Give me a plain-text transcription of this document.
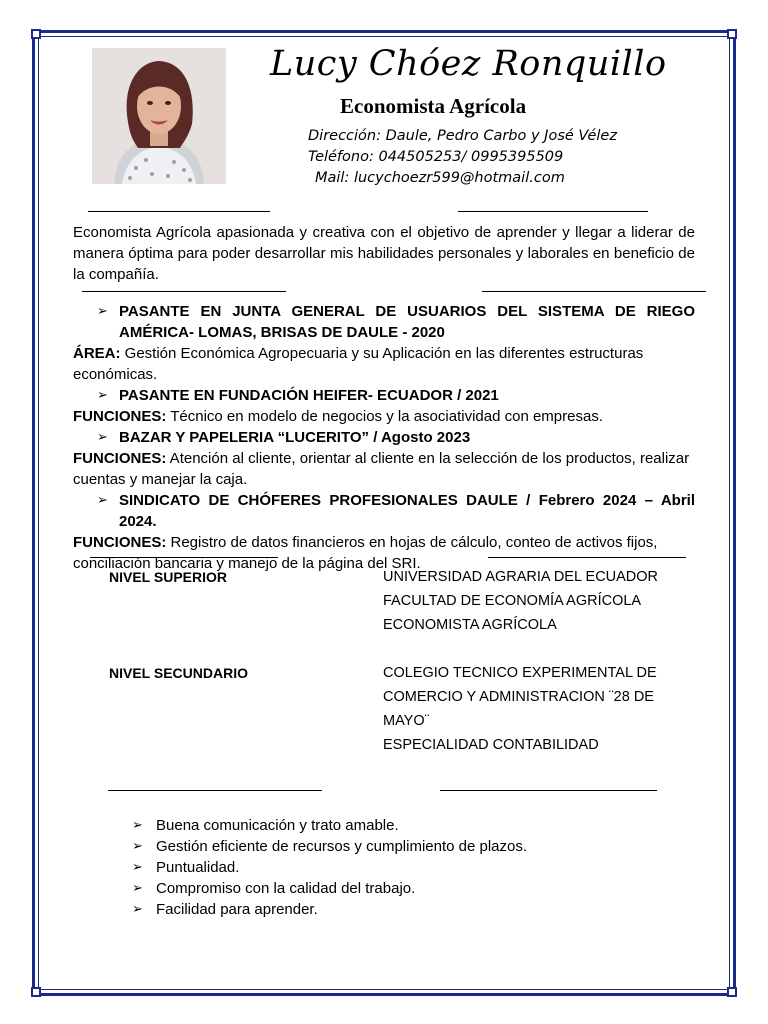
Lucy Chóez Ronquillo
Economista Agrícola
Dirección: Daule, Pedro Carbo y José Vélez
Teléfono: 044505253/ 0995395509
Mail: lucychoezr599@hotmail.com
Economista Agrícola apasionada y creativa con el objetivo de aprender y llegar a liderar de manera óptima para poder desarrollar mis habilidades personales y laborales en beneficio de la compañía.
➢ PASANTE EN JUNTA GENERAL DE USUARIOS DEL SISTEMA DE RIEGO AMÉRICA- LOMAS, BRISAS DE DAULE - 2020
ÁREA: Gestión Económica Agropecuaria y su Aplicación en las diferentes estructuras económicas.
➢ PASANTE EN FUNDACIÓN HEIFER- ECUADOR / 2021
FUNCIONES: Técnico en modelo de negocios y la asociatividad con empresas.
➢ BAZAR Y PAPELERIA “LUCERITO” / Agosto 2023
FUNCIONES: Atención al cliente, orientar al cliente en la selección de los productos, realizar cuentas y manejar la caja.
➢ SINDICATO DE CHÓFERES PROFESIONALES DAULE / Febrero 2024 – Abril 2024.
FUNCIONES: Registro de datos financieros en hojas de cálculo, conteo de activos fijos, conciliación bancaria y manejo de la página del SRI.
NIVEL SUPERIOR	UNIVERSIDAD AGRARIA DEL ECUADOR
FACULTAD DE ECONOMÍA AGRÍCOLA
ECONOMISTA AGRÍCOLA
NIVEL SECUNDARIO	COLEGIO TECNICO EXPERIMENTAL DE
COMERCIO Y ADMINISTRACION ¨28 DE
MAYO¨
ESPECIALIDAD CONTABILIDAD
➢ Buena comunicación y trato amable.
➢ Gestión eficiente de recursos y cumplimiento de plazos.
➢ Puntualidad.
➢ Compromiso con la calidad del trabajo.
➢ Facilidad para aprender.
